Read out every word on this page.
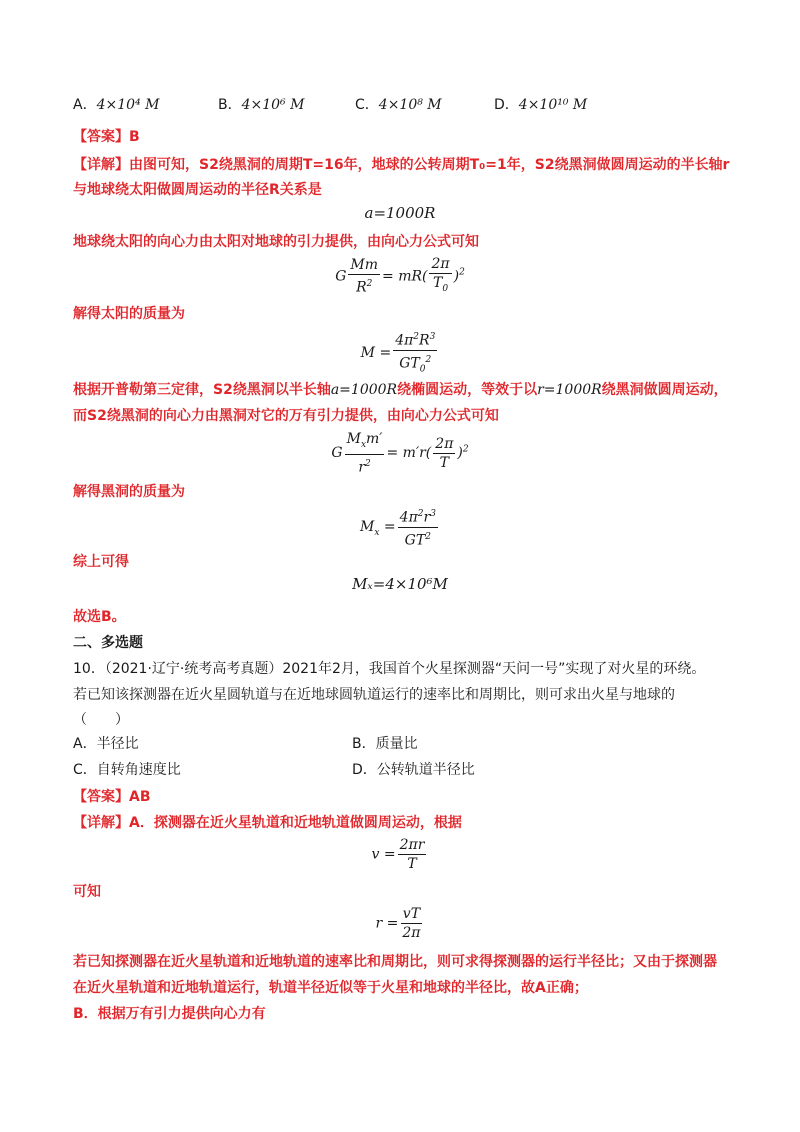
A．4×10⁴ M	B．4×10⁶ M	C．4×10⁸ M	D．4×10¹⁰ M
【答案】B
【详解】由图可知，S2绕黑洞的周期T=16年，地球的公转周期T₀=1年，S2绕黑洞做圆周运动的半长轴r
与地球绕太阳做圆周运动的半径R关系是
a=1000R
地球绕太阳的向心力由太阳对地球的引力提供，由向心力公式可知
G $\frac{Mm}{R^2} = mR( \frac{2\pi}{T_0} )^2$
解得太阳的质量为
$M = \frac{4\pi^2R^3}{GT_0^2}$
根据开普勒第三定律，S2绕黑洞以半长轴a=1000R绕椭圆运动，等效于以r=1000R绕黑洞做圆周运动，
而S2绕黑洞的向心力由黑洞对它的万有引力提供，由向心力公式可知
G $\frac{M_xm'}{r^2} = m'r( \frac{2\pi}{T} )^2$
解得黑洞的质量为
$M_x = \frac{4\pi^2r^3}{GT^2}$
综上可得
Mₓ=4×10⁶M
故选B。
二、多选题
10．（2021·辽宁·统考高考真题）2021年2月，我国首个火星探测器“天问一号”实现了对火星的环绕。
若已知该探测器在近火星圆轨道与在近地球圆轨道运行的速率比和周期比，则可求出火星与地球的
（　　）
A．半径比	B．质量比
C．自转角速度比	D．公转轨道半径比
【答案】AB
【详解】A．探测器在近火星轨道和近地轨道做圆周运动，根据
$v = \frac{2\pi r}{T}$
可知
$r = \frac{vT}{2\pi}$
若已知探测器在近火星轨道和近地轨道的速率比和周期比，则可求得探测器的运行半径比；又由于探测器
在近火星轨道和近地轨道运行，轨道半径近似等于火星和地球的半径比，故A正确；
B．根据万有引力提供向心力有
